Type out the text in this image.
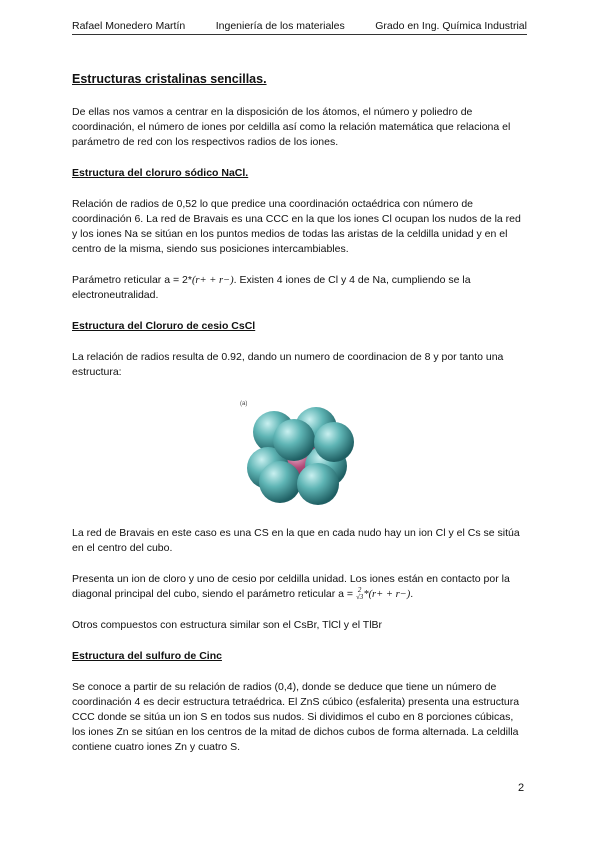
Rafael Monedero Martín	Ingeniería de los materiales	Grado en Ing. Química Industrial
Estructuras cristalinas sencillas.

De ellas nos vamos a centrar en la disposición de los átomos, el número y poliedro de coordinación, el número de iones por celdilla así como la relación matemática que relaciona el parámetro de red con los respectivos radios de los iones.

Estructura del cloruro sódico NaCl.

Relación de radios de 0,52 lo que predice una coordinación octaédrica con número de coordinación 6. La red de Bravais es una CCC en la que los iones Cl ocupan los nudos de la red y los iones Na se sitúan en los puntos medios de todas las aristas de la celdilla unidad y en el centro de la misma, siendo sus posiciones intercambiables.

Parámetro reticular a = 2*(r+ + r−). Existen 4 iones de Cl y 4 de Na, cumpliendo se la electroneutralidad.

Estructura del Cloruro de cesio CsCl

La relación de radios resulta de 0.92, dando un numero de coordinacion de 8 y por tanto una estructura:

(a)

La red de Bravais en este caso es una CS en la que en cada nudo hay un ion Cl y el Cs se sitúa en el centro del cubo.

Presenta un ion de cloro y uno de cesio por celdilla unidad. Los iones están en contacto por la diagonal principal del cubo, siendo el parámetro reticular a = 2
√3 *(r+ + r−).

Otros compuestos con estructura similar son el CsBr, TlCl y el TlBr

Estructura del sulfuro de Cinc

Se conoce a partir de su relación de radios (0,4), donde se deduce que tiene un número de coordinación 4 es decir estructura tetraédrica. El ZnS cúbico (esfalerita) presenta una estructura CCC donde se sitúa un ion S en todos sus nudos. Si dividimos el cubo en 8 porciones cúbicas, los iones Zn se sitúan en los centros de la mitad de dichos cubos de forma alternada. La celdilla contiene cuatro iones Zn y cuatro S.

2
